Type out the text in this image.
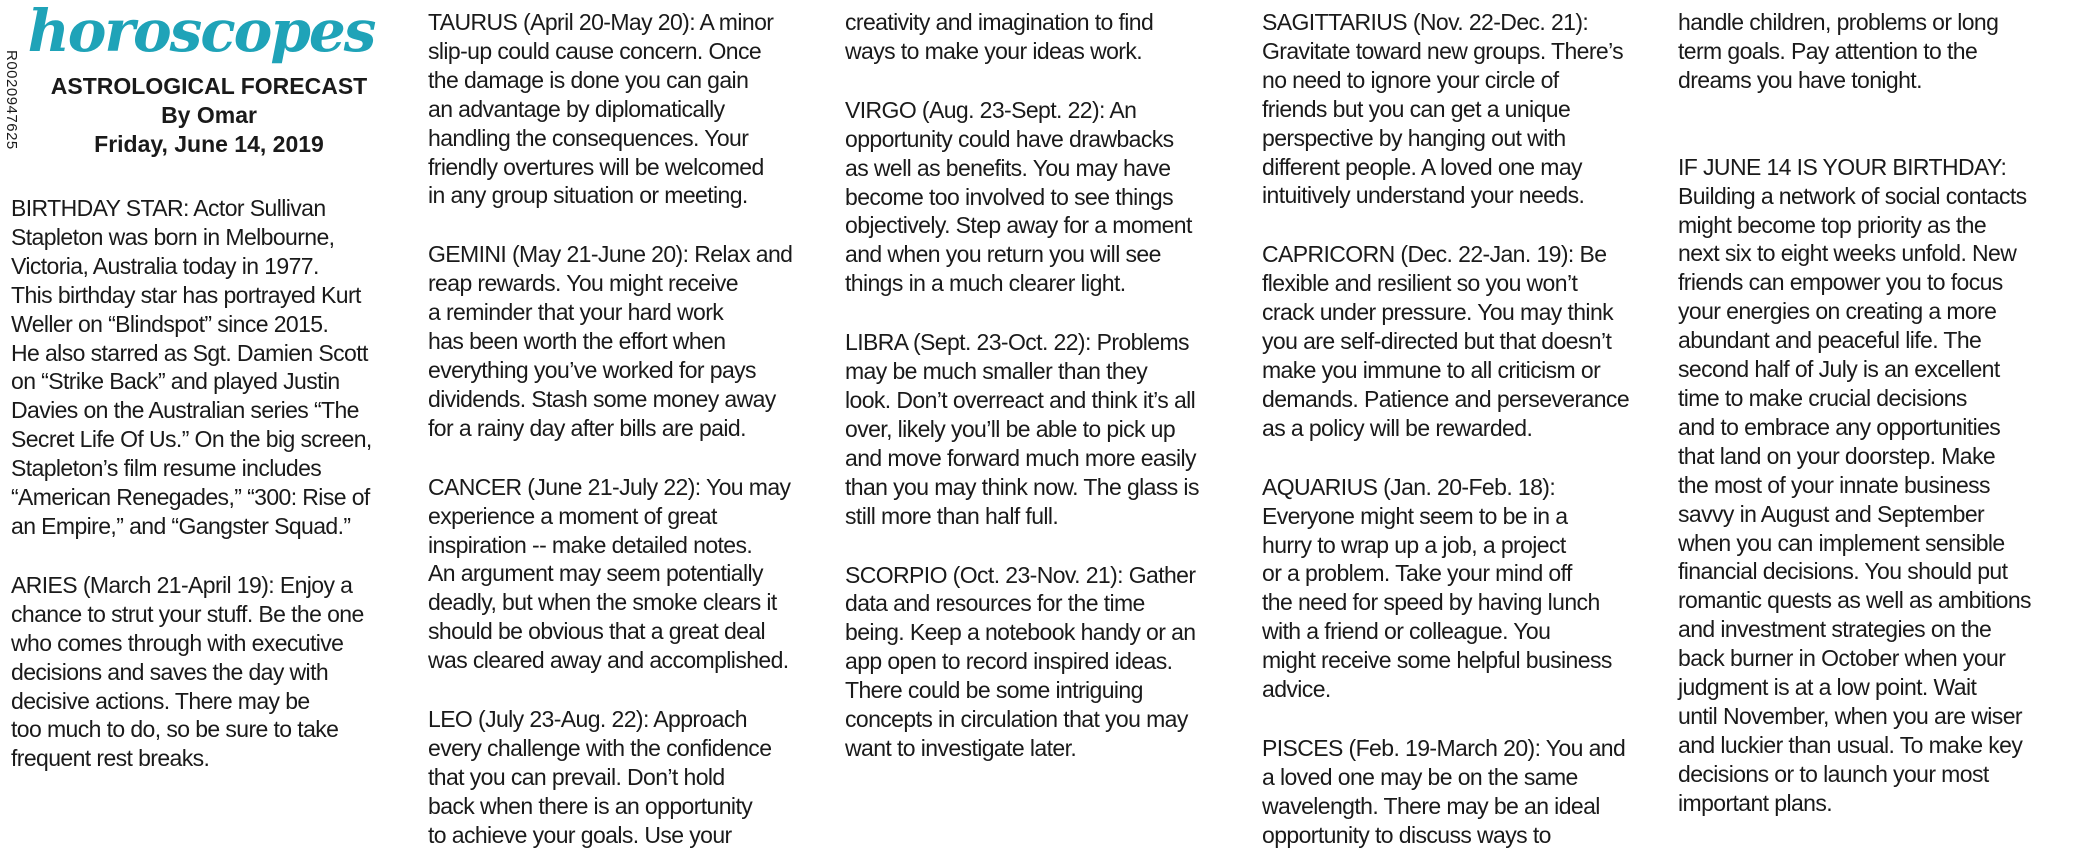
R0020947625

horoscopes

ASTROLOGICAL FORECAST

By Omar

Friday, June 14, 2019

BIRTHDAY STAR: Actor Sullivan
Stapleton was born in Melbourne,
Victoria, Australia today in 1977.
This birthday star has portrayed Kurt
Weller on “Blindspot” since 2015.
He also starred as Sgt. Damien Scott
on “Strike Back” and played Justin
Davies on the Australian series “The
Secret Life Of Us.” On the big screen,
Stapleton’s film resume includes
“American Renegades,” “300: Rise of
an Empire,” and “Gangster Squad.”

ARIES (March 21-April 19): Enjoy a
chance to strut your stuff. Be the one
who comes through with executive
decisions and saves the day with
decisive actions. There may be
too much to do, so be sure to take
frequent rest breaks.

TAURUS (April 20-May 20): A minor
slip-up could cause concern. Once
the damage is done you can gain
an advantage by diplomatically
handling the consequences. Your
friendly overtures will be welcomed
in any group situation or meeting.

GEMINI (May 21-June 20): Relax and
reap rewards. You might receive
a reminder that your hard work
has been worth the effort when
everything you’ve worked for pays
dividends. Stash some money away
for a rainy day after bills are paid.

CANCER (June 21-July 22): You may
experience a moment of great
inspiration -- make detailed notes.
An argument may seem potentially
deadly, but when the smoke clears it
should be obvious that a great deal
was cleared away and accomplished.

LEO (July 23-Aug. 22): Approach
every challenge with the confidence
that you can prevail. Don’t hold
back when there is an opportunity
to achieve your goals. Use your

creativity and imagination to find
ways to make your ideas work.

VIRGO (Aug. 23-Sept. 22): An
opportunity could have drawbacks
as well as benefits. You may have
become too involved to see things
objectively. Step away for a moment
and when you return you will see
things in a much clearer light.

LIBRA (Sept. 23-Oct. 22): Problems
may be much smaller than they
look. Don’t overreact and think it’s all
over, likely you’ll be able to pick up
and move forward much more easily
than you may think now. The glass is
still more than half full.

SCORPIO (Oct. 23-Nov. 21): Gather
data and resources for the time
being. Keep a notebook handy or an
app open to record inspired ideas.
There could be some intriguing
concepts in circulation that you may
want to investigate later.

SAGITTARIUS (Nov. 22-Dec. 21):
Gravitate toward new groups. There’s
no need to ignore your circle of
friends but you can get a unique
perspective by hanging out with
different people. A loved one may
intuitively understand your needs.

CAPRICORN (Dec. 22-Jan. 19): Be
flexible and resilient so you won’t
crack under pressure. You may think
you are self-directed but that doesn’t
make you immune to all criticism or
demands. Patience and perseverance
as a policy will be rewarded.

AQUARIUS (Jan. 20-Feb. 18):
Everyone might seem to be in a
hurry to wrap up a job, a project
or a problem. Take your mind off
the need for speed by having lunch
with a friend or colleague. You
might receive some helpful business
advice.

PISCES (Feb. 19-March 20): You and
a loved one may be on the same
wavelength. There may be an ideal
opportunity to discuss ways to

handle children, problems or long
term goals. Pay attention to the
dreams you have tonight.

IF JUNE 14 IS YOUR BIRTHDAY:
Building a network of social contacts
might become top priority as the
next six to eight weeks unfold. New
friends can empower you to focus
your energies on creating a more
abundant and peaceful life. The
second half of July is an excellent
time to make crucial decisions
and to embrace any opportunities
that land on your doorstep. Make
the most of your innate business
savvy in August and September
when you can implement sensible
financial decisions. You should put
romantic quests as well as ambitions
and investment strategies on the
back burner in October when your
judgment is at a low point. Wait
until November, when you are wiser
and luckier than usual. To make key
decisions or to launch your most
important plans.
